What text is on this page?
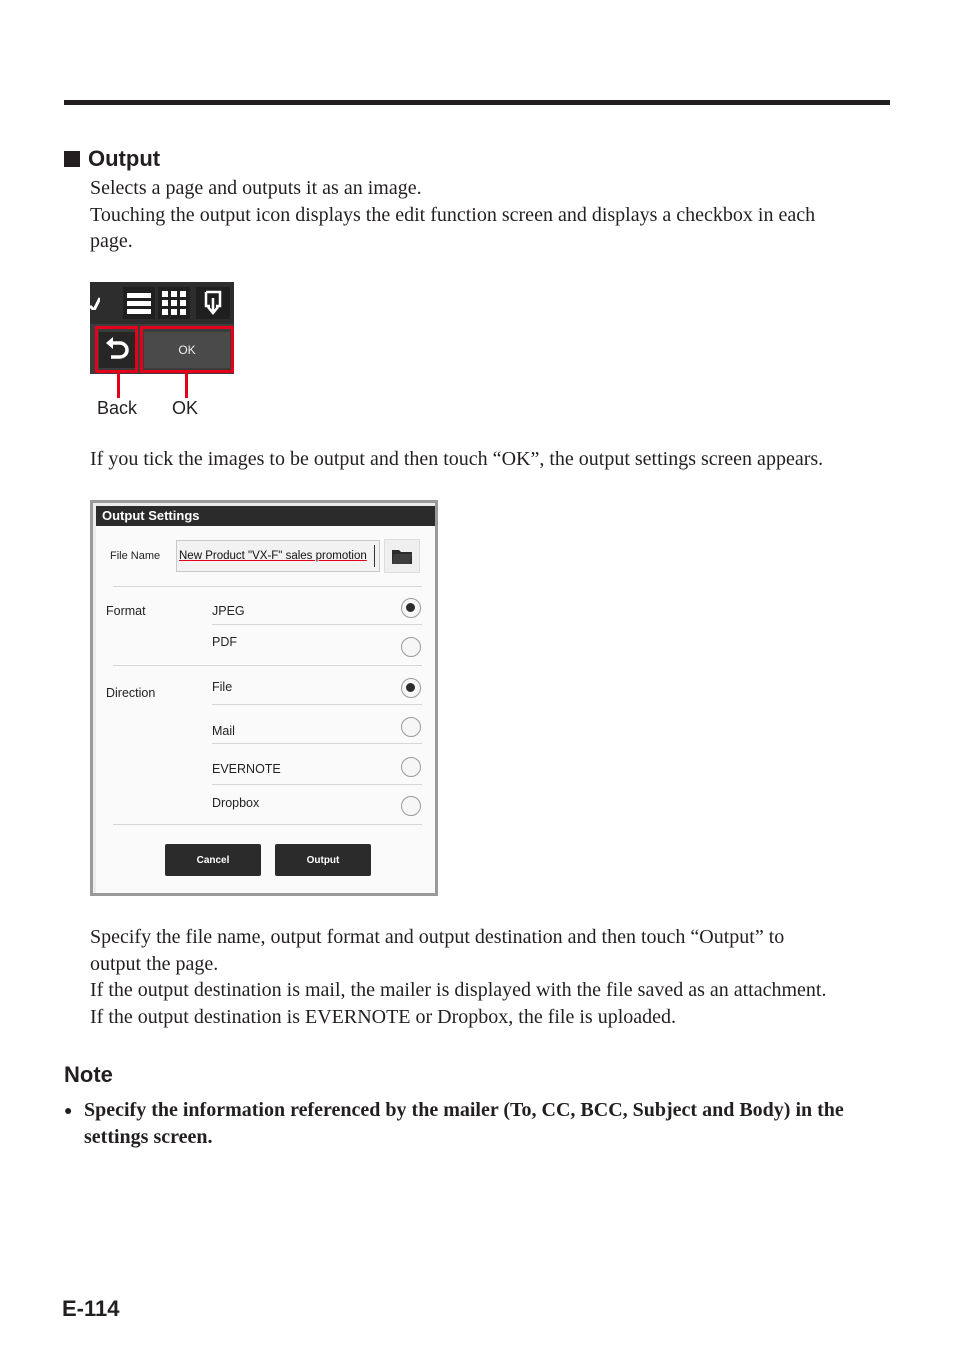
Output

Selects a page and outputs it as an image.

Touching the output icon displays the edit function screen and displays a checkbox in each

page.

OK
Back OK
If you tick the images to be output and then touch “OK”, the output settings screen appears.
Output Settings
File Name New Product "VX-F" sales promotion
Format	JPEG
PDF
Direction	File
Mail
EVERNOTE
Dropbox
Cancel	Output

Specify the file name, output format and output destination and then touch “Output” to

output the page.

If the output destination is mail, the mailer is displayed with the file saved as an attachment.

If the output destination is EVERNOTE or Dropbox, the file is uploaded.

Note
● Specify the information referenced by the mailer (To, CC, BCC, Subject and Body) in the settings screen.
E-114
